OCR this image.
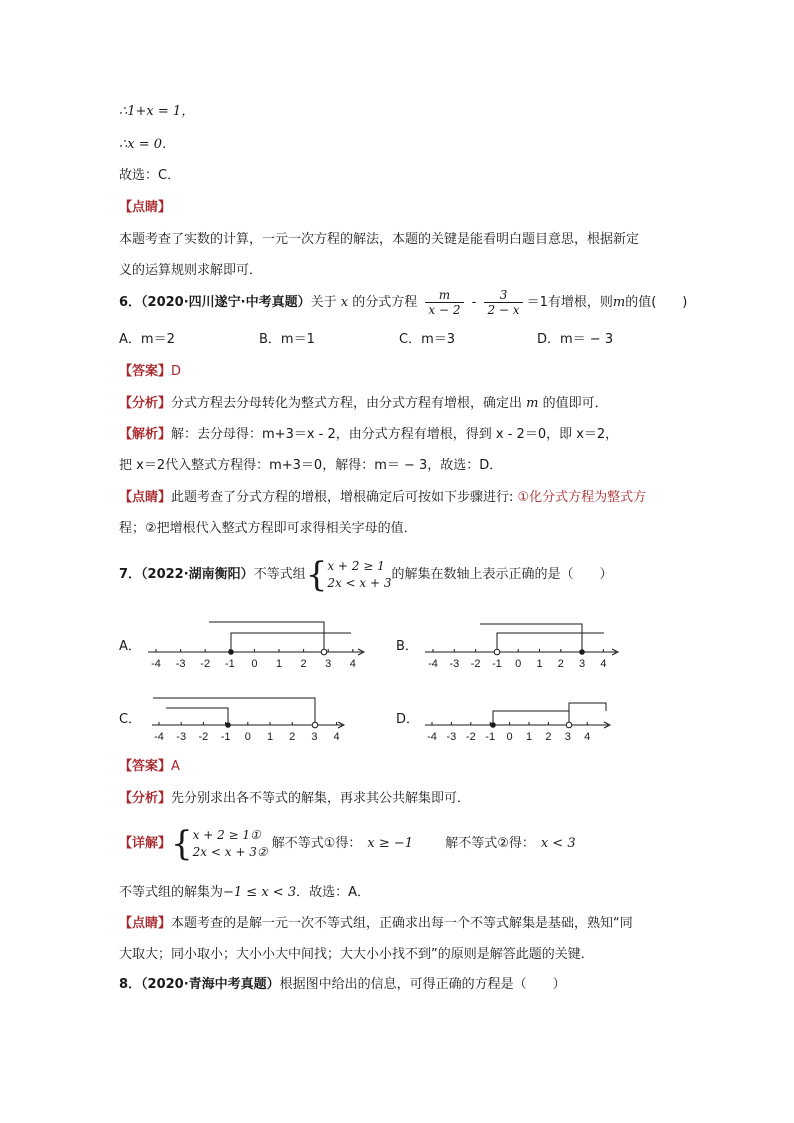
∴1+x = 1，
∴x = 0．
故选：C．
【点睛】
本题考查了实数的计算，一元一次方程的解法，本题的关键是能看明白题目意思，根据新定
义的运算规则求解即可．
6．（2020·四川遂宁·中考真题）关于 x 的分式方程 $\frac{m}{x - 2} - \frac{3}{2 - x} =1$有增根，则m的值(　　)
A．m＝2	B．m＝1	C．m＝3	D．m＝ − 3
【答案】D
【分析】分式方程去分母转化为整式方程，由分式方程有增根，确定出 m 的值即可．
【解析】解：去分母得：m+3＝x - 2，由分式方程有增根，得到 x - 2＝0，即 x＝2，
把 x＝2代入整式方程得：m+3＝0，解得：m＝ − 3，故选：D．
【点睛】此题考查了分式方程的增根，增根确定后可按如下步骤进行: ①化分式方程为整式方
程；②把增根代入整式方程即可求得相关字母的值．
7．（2022·湖南衡阳）不等式组{x + 2 ≥ 1
2x < x + 3的解集在数轴上表示正确的是（　　）
A．	B．
C．	D．
-4 -3 -2 -1 0 1 2 3 4	-4 -3 -2 -1 0 1 2 3 4
-4 -3 -2 -1 0 1 2 3 4	-4 -3 -2 -1 0 1 2 3 4
【答案】A
【分析】先分别求出各不等式的解集，再求其公共解集即可．
【详解】{x + 2 ≥ 1①
2x < x + 3② 解不等式①得： x ≥ −1 解不等式②得： x < 3
不等式组的解集为−1 ≤ x < 3．故选：A．
【点睛】本题考查的是解一元一次不等式组，正确求出每一个不等式解集是基础，熟知“同
大取大；同小取小；大小小大中间找；大大小小找不到”的原则是解答此题的关键．
8．（2020·青海中考真题）根据图中给出的信息，可得正确的方程是（　　）
